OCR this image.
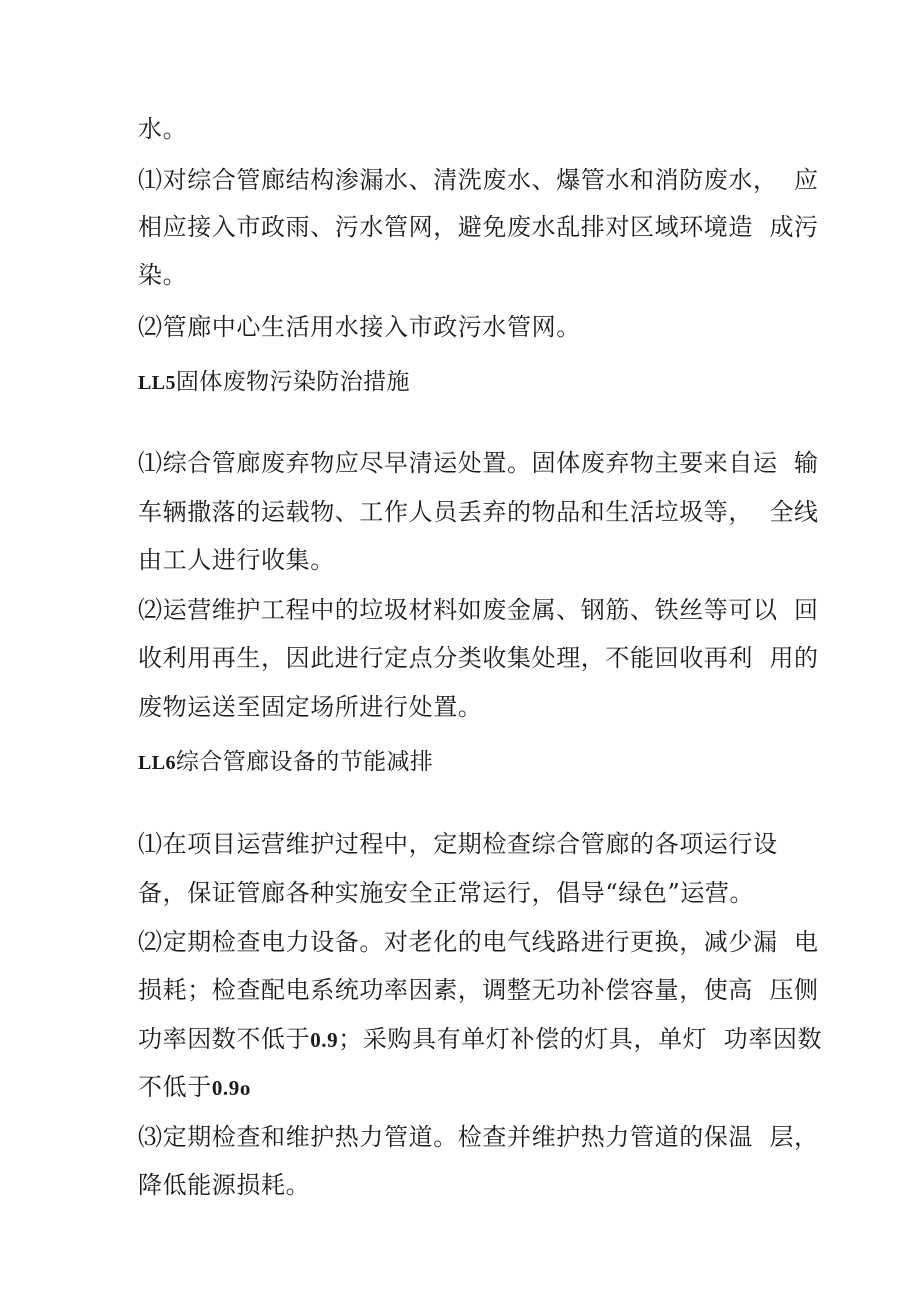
水。
⑴对综合管廊结构渗漏水、清洗废水、爆管水和消防废水，  应
相应接入市政雨、污水管网，避免废水乱排对区域环境造  成污
染。
⑵管廊中心生活用水接入市政污水管网。
LL5固体废物污染防治措施
⑴综合管廊废弃物应尽早清运处置。固体废弃物主要来自运  输
车辆撒落的运载物、工作人员丢弃的物品和生活垃圾等，  全线
由工人进行收集。
⑵运营维护工程中的垃圾材料如废金属、钢筋、铁丝等可以  回
收利用再生，因此进行定点分类收集处理，不能回收再利  用的
废物运送至固定场所进行处置。
LL6综合管廊设备的节能减排
⑴在项目运营维护过程中，定期检查综合管廊的各项运行设
备，保证管廊各种实施安全正常运行，倡导“绿色”运营。
⑵定期检查电力设备。对老化的电气线路进行更换，减少漏  电
损耗；检查配电系统功率因素，调整无功补偿容量，使高  压侧
功率因数不低于0.9；采购具有单灯补偿的灯具，单灯  功率因数
不低于0.9o
⑶定期检查和维护热力管道。检查并维护热力管道的保温  层，
降低能源损耗。
